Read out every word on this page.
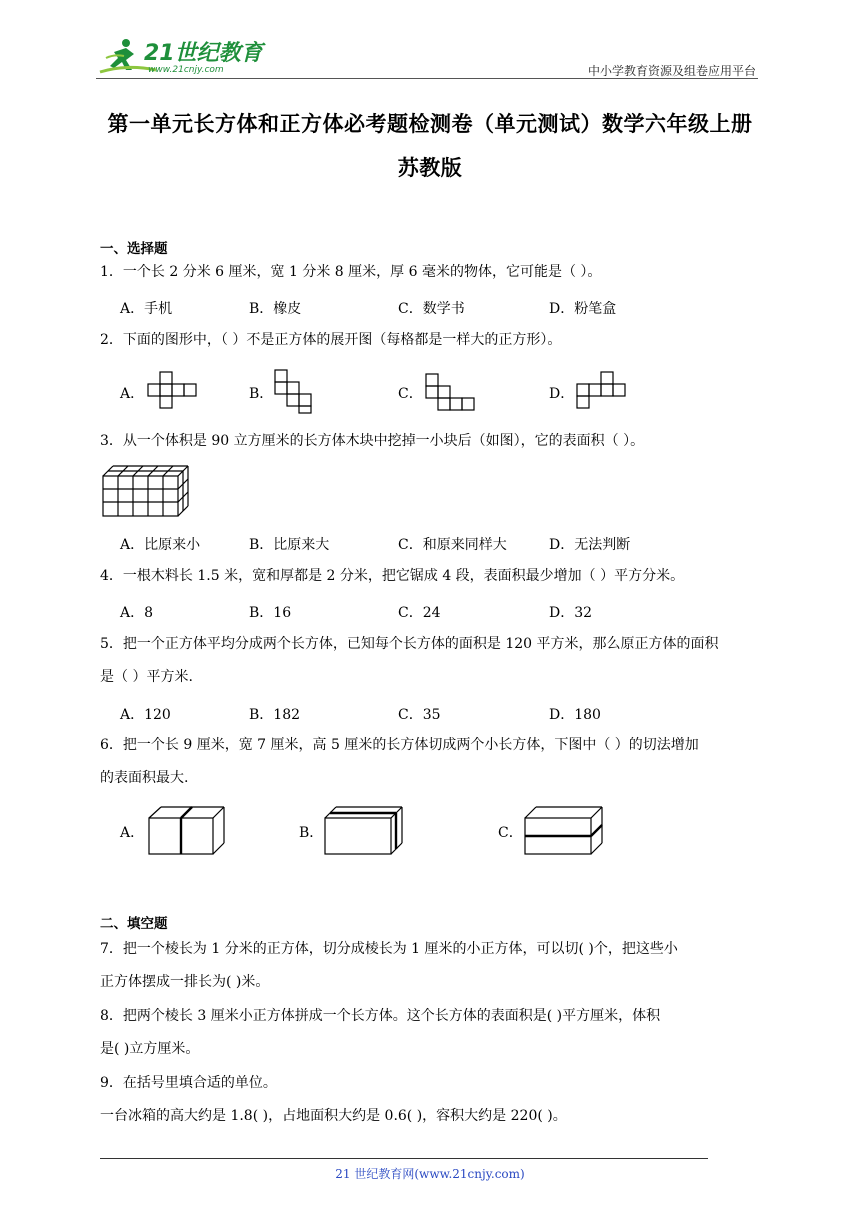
21世纪教育
www.21cnjy.com	中小学教育资源及组卷应用平台
第一单元长方体和正方体必考题检测卷（单元测试）数学六年级上册
苏教版
一、选择题
1．一个长 2 分米 6 厘米，宽 1 分米 8 厘米，厚 6 毫米的物体，它可能是（ ）。
A．手机	B．橡皮	C．数学书	D．粉笔盒
2．下面的图形中，（ ）不是正方体的展开图（每格都是一样大的正方形）。
A．	B．	C．	D．
3．从一个体积是 90 立方厘米的长方体木块中挖掉一小块后（如图），它的表面积（ ）。
A．比原来小	B．比原来大	C．和原来同样大	D．无法判断
4．一根木料长 1.5 米，宽和厚都是 2 分米，把它锯成 4 段，表面积最少增加（ ）平方分米。
A．8	B．16	C．24	D．32
5．把一个正方体平均分成两个长方体，已知每个长方体的面积是 120 平方米，那么原正方体的面积
是（ ）平方米.
A．120	B．182	C．35	D．180
6．把一个长 9 厘米，宽 7 厘米，高 5 厘米的长方体切成两个小长方体，下图中（ ）的切法增加
的表面积最大.
A．	B．	C．
二、填空题
7．把一个棱长为 1 分米的正方体，切分成棱长为 1 厘米的小正方体，可以切( )个，把这些小
正方体摆成一排长为( )米。
8．把两个棱长 3 厘米小正方体拼成一个长方体。这个长方体的表面积是( )平方厘米，体积
是( )立方厘米。
9．在括号里填合适的单位。
一台冰箱的高大约是 1.8( )，占地面积大约是 0.6( )，容积大约是 220( )。
21 世纪教育网(www.21cnjy.com)
